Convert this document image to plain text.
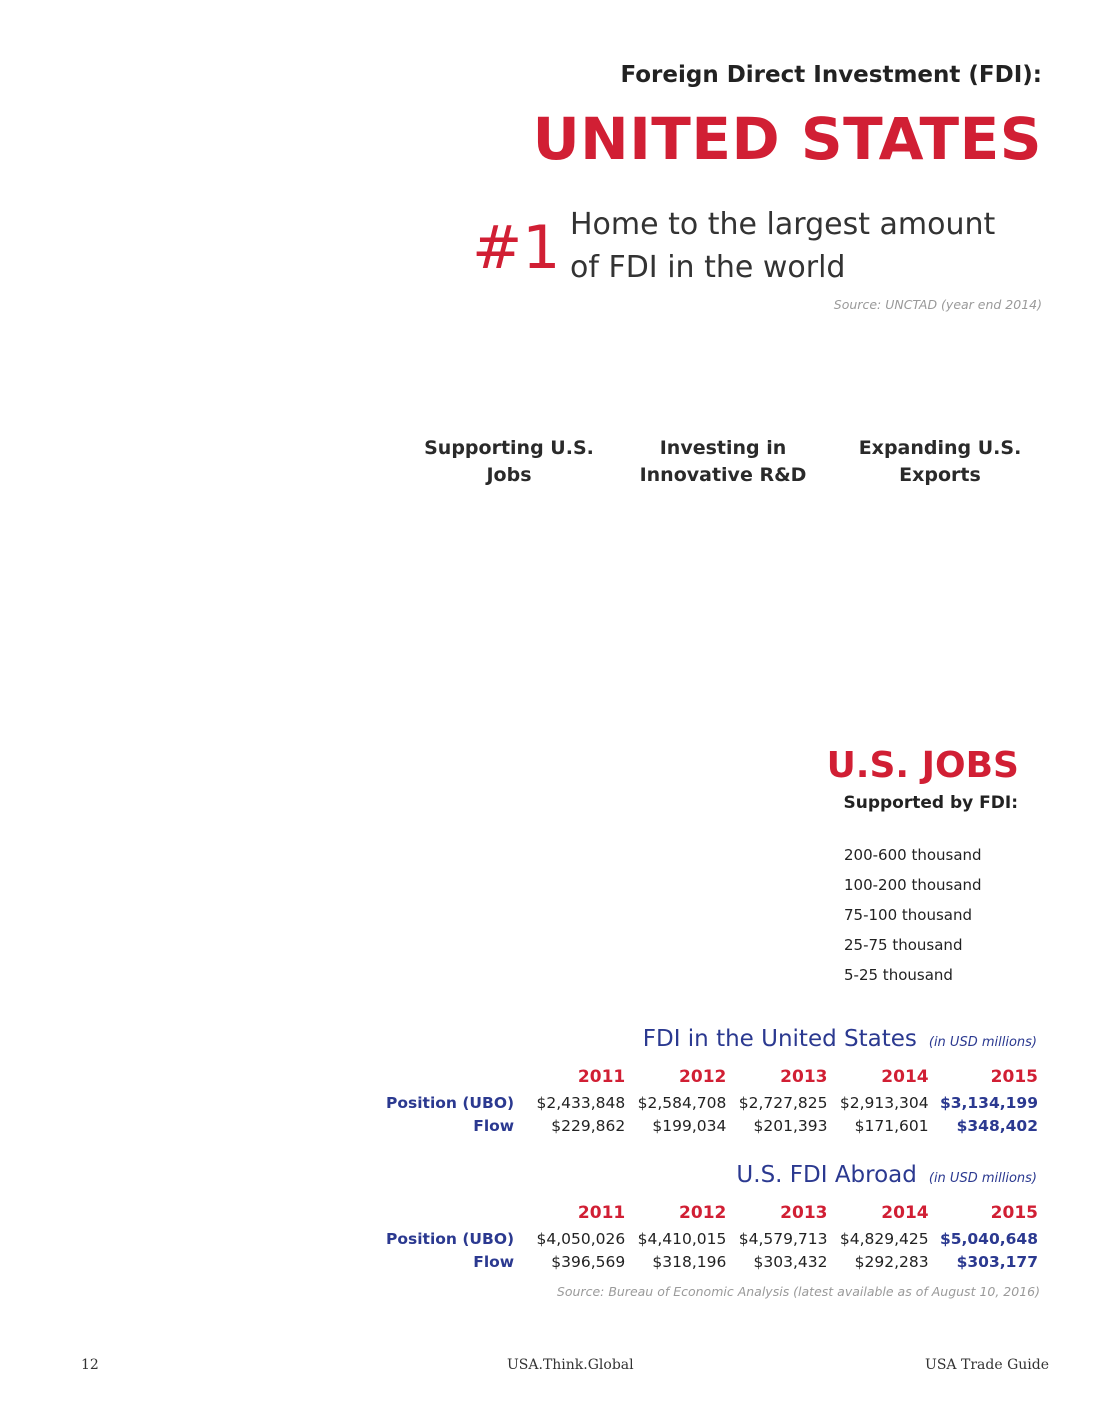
Foreign Direct Investment (FDI):
UNITED STATES
#1 Home to the largest amount of FDI in the world
Source: UNCTAD (year end 2014)
Supporting U.S. Jobs
Investing in Innovative R&D
Expanding U.S. Exports
U.S. JOBS
Supported by FDI:
200-600 thousand
100-200 thousand
75-100 thousand
25-75 thousand
5-25 thousand
FDI in the United States (in USD millions)
	2011	2012	2013	2014	2015
Position (UBO)	$2,433,848	$2,584,708	$2,727,825	$2,913,304	$3,134,199
Flow	$229,862	$199,034	$201,393	$171,601	$348,402
U.S. FDI Abroad (in USD millions)
	2011	2012	2013	2014	2015
Position (UBO)	$4,050,026	$4,410,015	$4,579,713	$4,829,425	$5,040,648
Flow	$396,569	$318,196	$303,432	$292,283	$303,177
Source: Bureau of Economic Analysis (latest available as of August 10, 2016)
12	USA.Think.Global	USA Trade Guide
